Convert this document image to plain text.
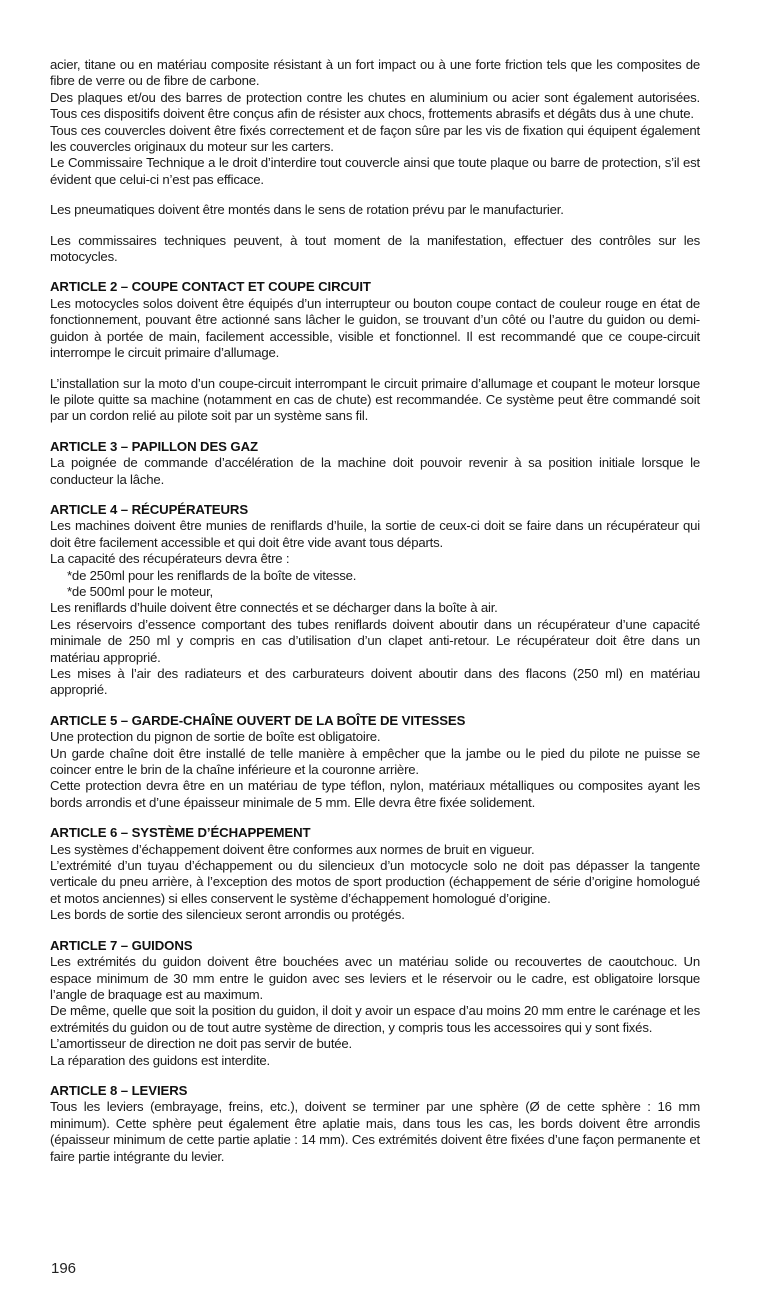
acier, titane ou en matériau composite résistant à un fort impact ou à une forte friction tels que les composites de fibre de verre ou de fibre de carbone.

Des plaques et/ou des barres de protection contre les chutes en aluminium ou acier sont également autorisées. Tous ces dispositifs doivent être conçus afin de résister aux chocs, frottements abrasifs et dégâts dus à une chute.

Tous ces couvercles doivent être fixés correctement et de façon sûre par les vis de fixation qui équipent également les couvercles originaux du moteur sur les carters.

Le Commissaire Technique a le droit d’interdire tout couvercle ainsi que toute plaque ou barre de protection, s’il est évident que celui-ci n’est pas efficace.

Les pneumatiques doivent être montés dans le sens de rotation prévu par le manufacturier.

Les commissaires techniques peuvent, à tout moment de la manifestation, effectuer des contrôles sur les motocycles.

ARTICLE 2 – COUPE CONTACT ET COUPE CIRCUIT

Les motocycles solos doivent être équipés d’un interrupteur ou bouton coupe contact de couleur rouge en état de fonctionnement, pouvant être actionné sans lâcher le guidon, se trouvant d’un côté ou l’autre du guidon ou demi-guidon à portée de main, facilement accessible, visible et fonctionnel. Il est recommandé que ce coupe-circuit interrompe le circuit primaire d’allumage.

L’installation sur la moto d’un coupe-circuit interrompant le circuit primaire d’allumage et coupant le moteur lorsque le pilote quitte sa machine (notamment en cas de chute) est recommandée. Ce système peut être commandé soit par un cordon relié au pilote soit par un système sans fil.

ARTICLE 3 – PAPILLON DES GAZ

La poignée de commande d’accélération de la machine doit pouvoir revenir à sa position initiale lorsque le conducteur la lâche.

ARTICLE 4 – RÉCUPÉRATEURS

Les machines doivent être munies de reniflards d’huile, la sortie de ceux-ci doit se faire dans un récupérateur qui doit être facilement accessible et qui doit être vide avant tous départs.

La capacité des récupérateurs devra être :

*de 250ml pour les reniflards de la boîte de vitesse.

*de 500ml pour le moteur,

Les reniflards d’huile doivent être connectés et se décharger dans la boîte à air.

Les réservoirs d’essence comportant des tubes reniflards doivent aboutir dans un récupérateur d’une capacité minimale de 250 ml y compris en cas d’utilisation d’un clapet anti-retour. Le récupérateur doit être dans un matériau approprié.

Les mises à l’air des radiateurs et des carburateurs doivent aboutir dans des flacons (250 ml) en matériau approprié.

ARTICLE 5 – GARDE-CHAÎNE OUVERT DE LA BOÎTE DE VITESSES

Une protection du pignon de sortie de boîte est obligatoire.

Un garde chaîne doit être installé de telle manière à empêcher que la jambe ou le pied du pilote ne puisse se coincer entre le brin de la chaîne inférieure et la couronne arrière.

Cette protection devra être en un matériau de type téflon, nylon, matériaux métalliques ou composites ayant les bords arrondis et d’une épaisseur minimale de 5 mm. Elle devra être fixée solidement.

ARTICLE 6 – SYSTÈME D’ÉCHAPPEMENT

Les systèmes d’échappement doivent être conformes aux normes de bruit en vigueur.

L’extrémité d’un tuyau d’échappement ou du silencieux d’un motocycle solo ne doit pas dépasser la tangente verticale du pneu arrière, à l’exception des motos de sport production (échappement de série d’origine homologué et motos anciennes) si elles conservent le système d’échappement homologué d’origine.

Les bords de sortie des silencieux seront arrondis ou protégés.

ARTICLE 7 – GUIDONS

Les extrémités du guidon doivent être bouchées avec un matériau solide ou recouvertes de caoutchouc. Un espace minimum de 30 mm entre le guidon avec ses leviers et le réservoir ou le cadre, est obligatoire lorsque l’angle de braquage est au maximum.

De même, quelle que soit la position du guidon, il doit y avoir un espace d’au moins 20 mm entre le carénage et les extrémités du guidon ou de tout autre système de direction, y compris tous les accessoires qui y sont fixés.

L’amortisseur de direction ne doit pas servir de butée.

La réparation des guidons est interdite.

ARTICLE 8 – LEVIERS

Tous les leviers (embrayage, freins, etc.), doivent se terminer par une sphère (Ø de cette sphère : 16 mm minimum). Cette sphère peut également être aplatie mais, dans tous les cas, les bords doivent être arrondis (épaisseur minimum de cette partie aplatie : 14 mm). Ces extrémités doivent être fixées d’une façon permanente et faire partie intégrante du levier.

196
